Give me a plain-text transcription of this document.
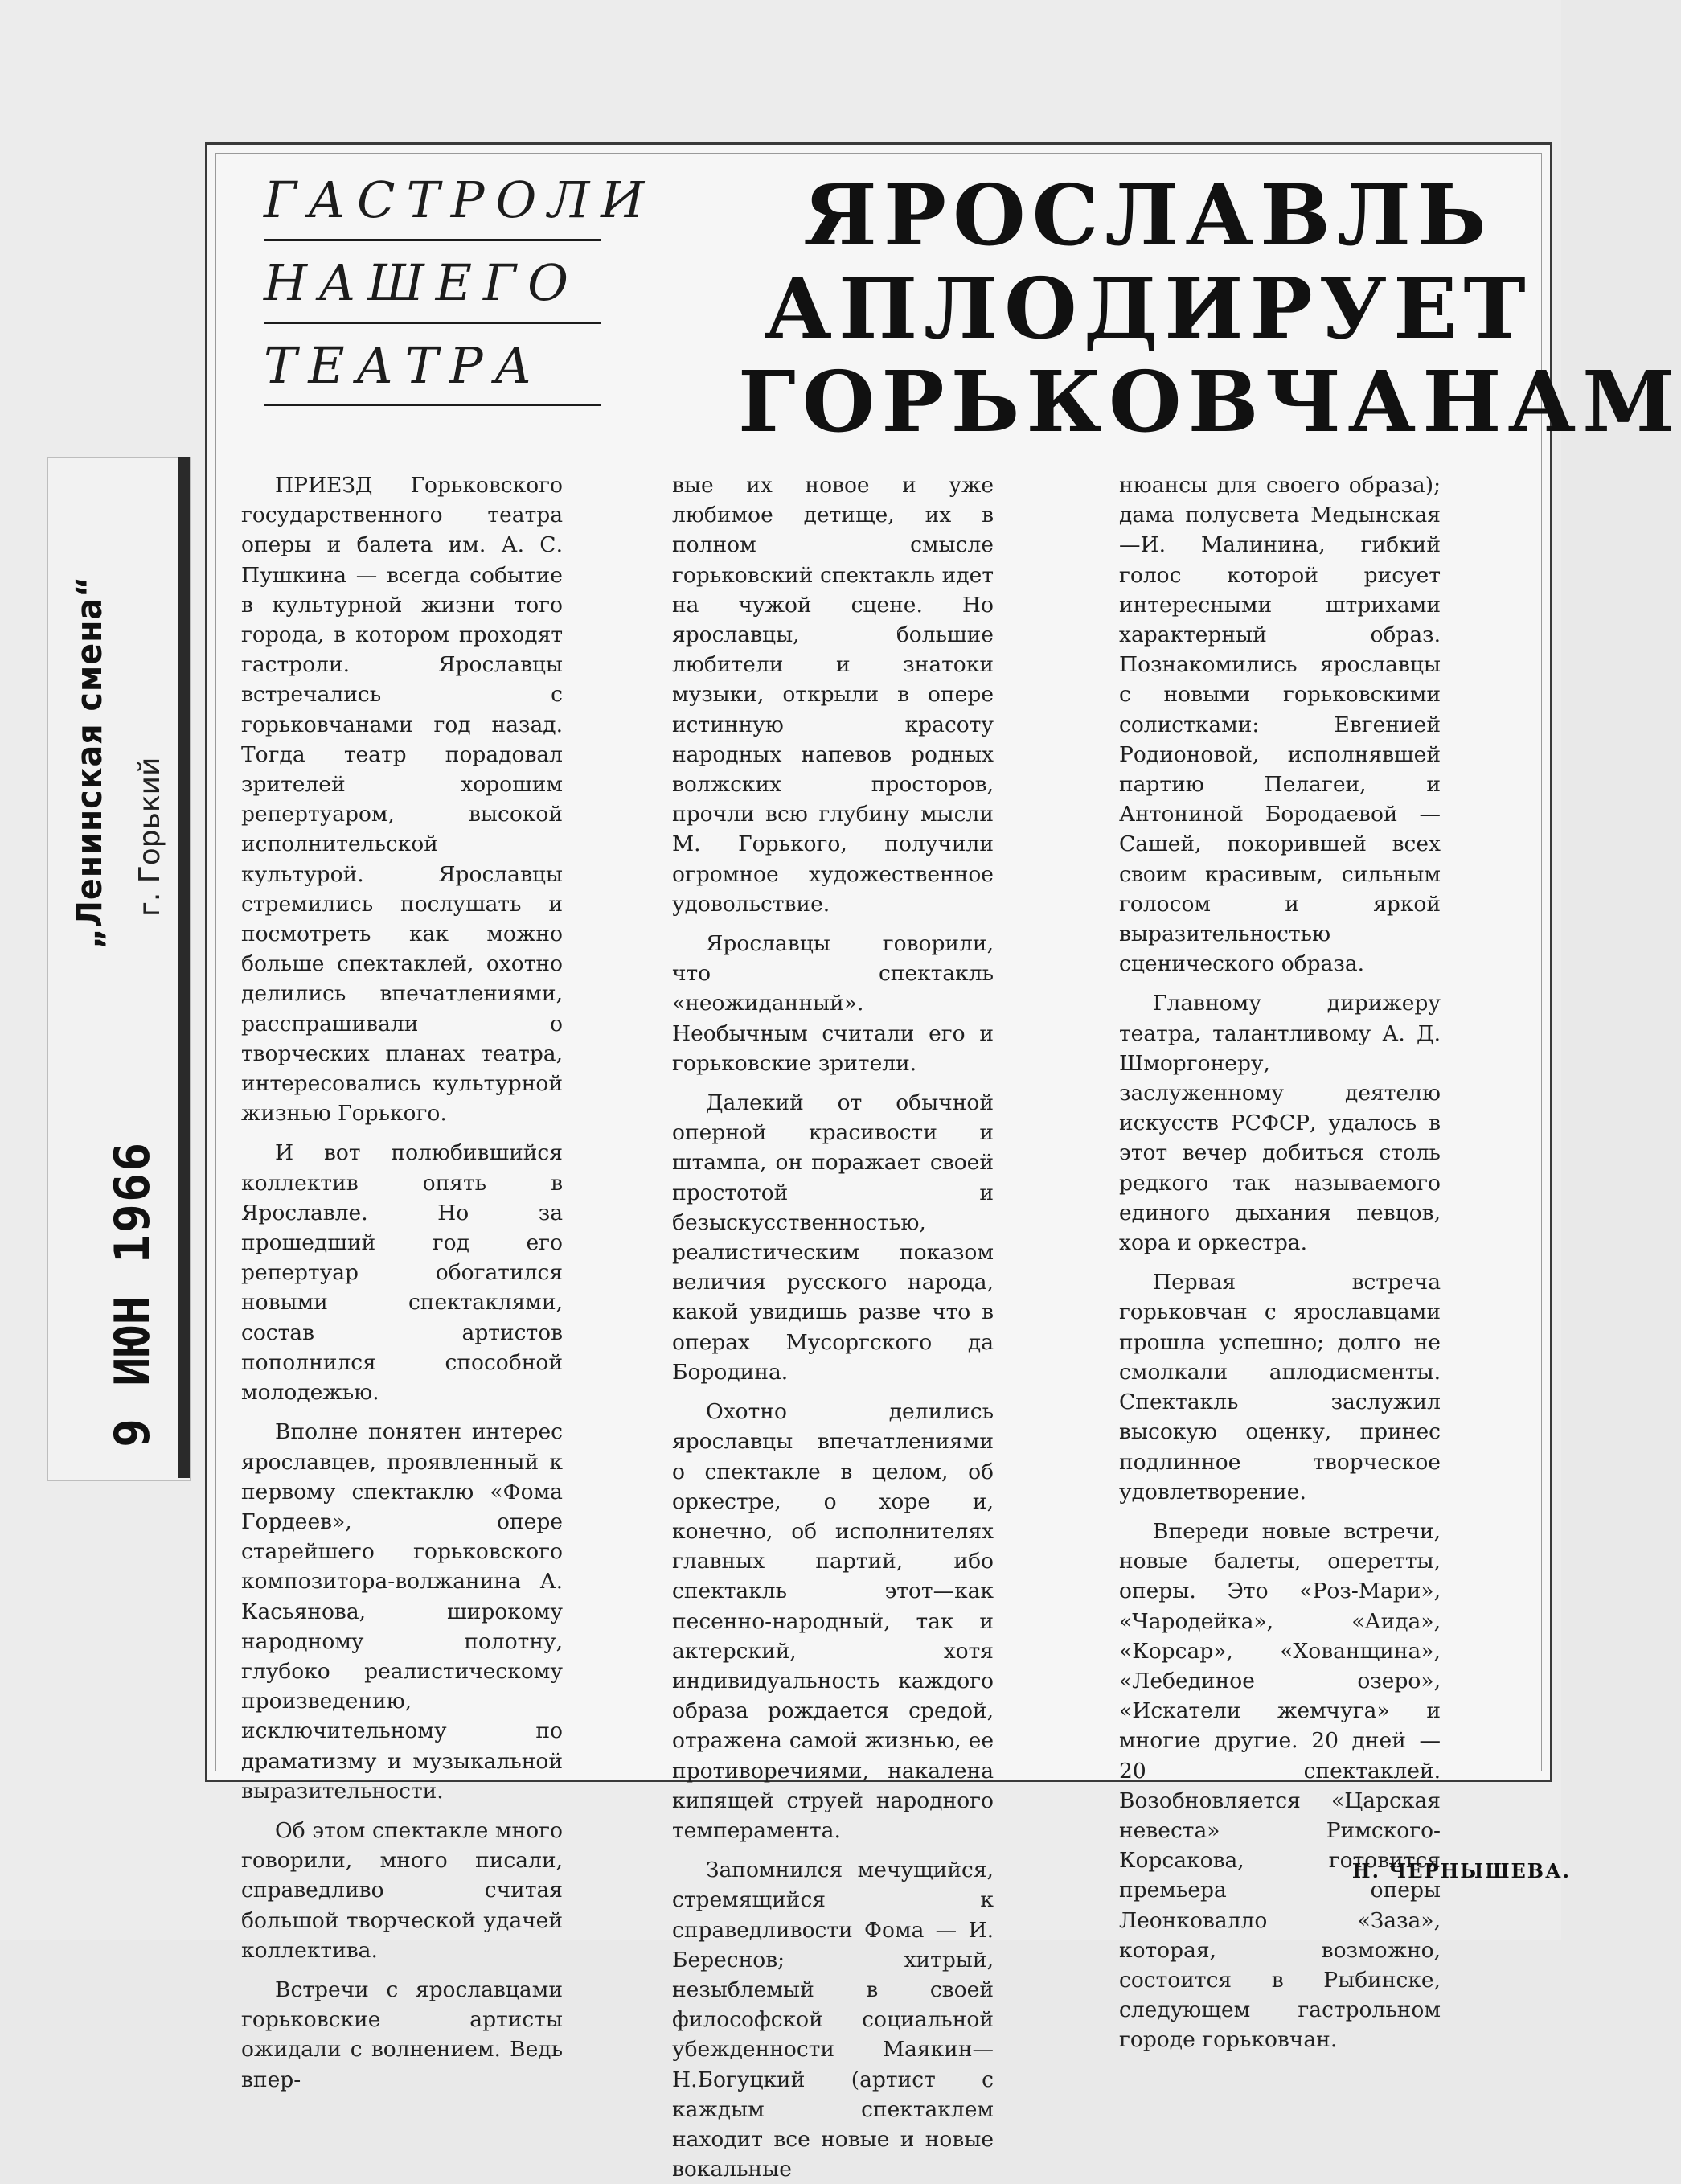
9 ИЮН 1966
„Ленинская смена“ г. Горький
ГАСТРОЛИ
НАШЕГО
ТЕАТРА
ЯРОСЛАВЛЬ
АПЛОДИРУЕТ
ГОРЬКОВЧАНАМ

ПРИЕЗД Горьковского государственного театра оперы и балета им. А. С. Пушкина — всегда событие в культурной жизни того города, в котором проходят гастроли. Ярославцы встречались с горьковчанами год назад. Тогда театр порадовал зрителей хорошим репертуаром, высокой исполнительской культурой. Ярославцы стремились послушать и посмотреть как можно больше спектаклей, охотно делились впечатлениями, расспрашивали о творческих планах театра, интересовались культурной жизнью Горького.

И вот полюбившийся коллектив опять в Ярославле. Но за прошедший год его репертуар обогатился новыми спектаклями, состав артистов пополнился способной молодежью.

Вполне понятен интерес ярославцев, проявленный к первому спектаклю «Фома Гордеев», опере старейшего горьковского композитора-волжанина А. Касьянова, широкому народному полотну, глубоко реалистическому произведению, исключительному по драматизму и музыкальной выразительности.

Об этом спектакле много говорили, много писали, справедливо считая большой творческой удачей коллектива.

Встречи с ярославцами горьковские артисты ожидали с волнением. Ведь впер-

вые их новое и уже любимое детище, их в полном смысле горьковский спектакль идет на чужой сцене. Но ярославцы, большие любители и знатоки музыки, открыли в опере истинную красоту народных напевов родных волжских просторов, прочли всю глубину мысли М. Горького, получили огромное художественное удовольствие.

Ярославцы говорили, что спектакль «неожиданный». Необычным считали его и горьковские зрители.

Далекий от обычной оперной красивости и штампа, он поражает своей простотой и безыскусственностью, реалистическим показом величия русского народа, какой увидишь разве что в операх Мусоргского да Бородина.

Охотно делились ярославцы впечатлениями о спектакле в целом, об оркестре, о хоре и, конечно, об исполнителях главных партий, ибо спектакль этот—как песенно-народный, так и актерский, хотя индивидуальность каждого образа рождается средой, отражена самой жизнью, ее противоречиями, накалена кипящей струей народного темперамента.

Запомнился мечущийся, стремящийся к справедливости Фома — И. Береснов; хитрый, незыблемый в своей философской социальной убежденности Маякин—Н.Богуцкий (артист с каждым спектаклем находит все новые и новые вокальные

нюансы для своего образа); дама полусвета Медынская—И. Малинина, гибкий голос которой рисует интересными штрихами характерный образ. Познакомились ярославцы с новыми горьковскими солистками: Евгенией Родионовой, исполнявшей партию Пелагеи, и Антониной Бородаевой — Сашей, покорившей всех своим красивым, сильным голосом и яркой выразительностью сценического образа.

Главному дирижеру театра, талантливому А. Д. Шморгонеру, заслуженному деятелю искусств РСФСР, удалось в этот вечер добиться столь редкого так называемого единого дыхания певцов, хора и оркестра.

Первая встреча горьковчан с ярославцами прошла успешно; долго не смолкали аплодисменты. Спектакль заслужил высокую оценку, принес подлинное творческое удовлетворение.

Впереди новые встречи, новые балеты, оперетты, оперы. Это «Роз-Мари», «Чародейка», «Аида», «Корсар», «Хованщина», «Лебединое озеро», «Искатели жемчуга» и многие другие. 20 дней — 20 спектаклей. Возобновляется «Царская невеста» Римского-Корсакова, готовится премьера оперы Леонковалло «Заза», которая, возможно, состоится в Рыбинске, следующем гастрольном городе горьковчан.

Н. ЧЕРНЫШЕВА.
